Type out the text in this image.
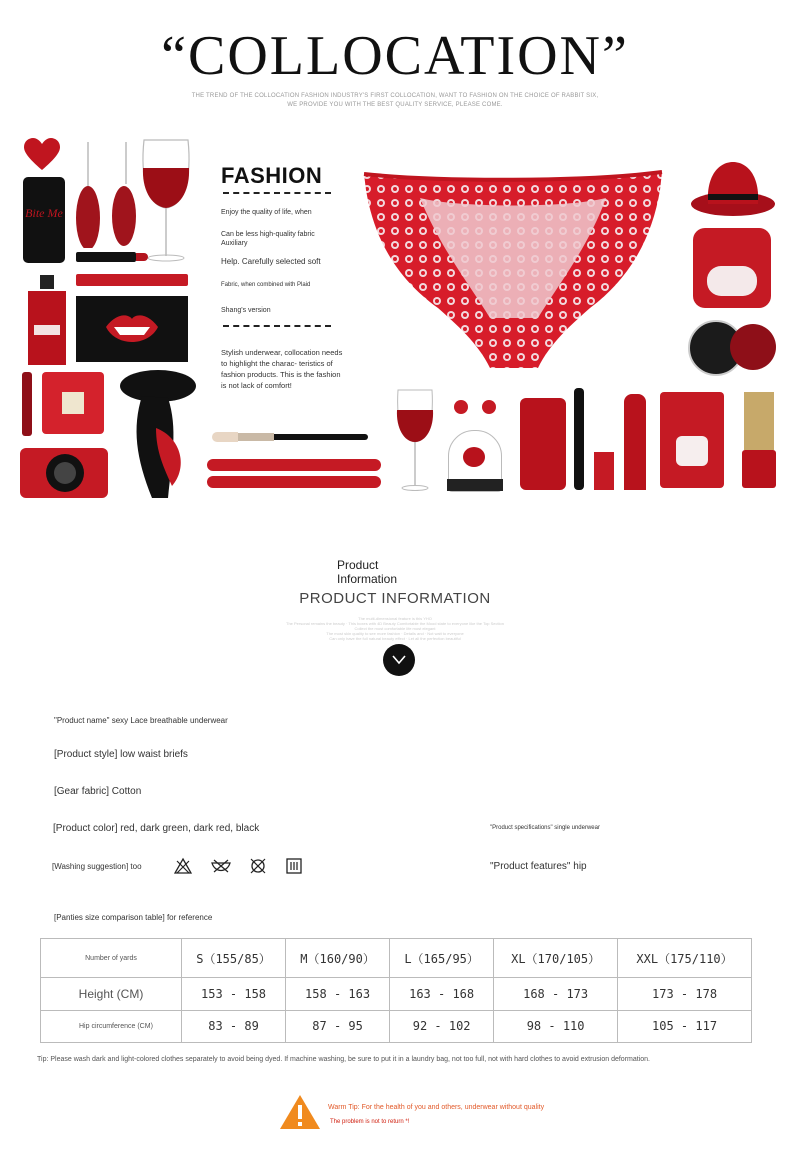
“COLLOCATION”
THE TREND OF THE COLLOCATION FASHION INDUSTRY'S FIRST COLLOCATION, WANT TO FASHION ON THE CHOICE OF RABBIT SIX,
WE PROVIDE YOU WITH THE BEST QUALITY SERVICE, PLEASE COME.
Bite Me
FASHION
Enjoy the quality of life, when
Can be less high-quality fabric Auxiliary
Help. Carefully selected soft
Fabric, when combined with Plaid
Shang's version
Stylish underwear, collocation needs to highlight the charac- teristics of fashion products. This is the fashion is not lack of comfort!
Product Information
PRODUCT INFORMATION
The multi-dimensional feature is this YHO
The Personal remains the beauty · This boxes with 4D Beauty Comfortable the Mood state to everyone like the Top Section
Collect the most comfortable life most elegant
The most skin quality to see more fashion · Details and · Not wait to everyone
Can only have the full natural beauty effect · Let all the perfection beautiful
"Product name" sexy Lace breathable underwear
[Product style] low waist briefs
[Gear fabric] Cotton
[Product color] red, dark green, dark red, black	"Product specifications" single underwear
[Washing suggestion] too	"Product features" hip
[Panties size comparison table] for reference
Number of yards	S（155/85）	M（160/90）	L（165/95）	XL（170/105）	XXL（175/110）
Height (CM)	153 - 158	158 - 163	163 - 168	168 - 173	173 - 178
Hip circumference (CM)	83 - 89	87 - 95	92 - 102	98 - 110	105 - 117
Tip: Please wash dark and light-colored clothes separately to avoid being dyed. If machine washing, be sure to put it in a laundry bag, not too full, not with hard clothes to avoid extrusion deformation.
Warm Tip: For the health of you and others, underwear without quality
The problem is not to return *!
